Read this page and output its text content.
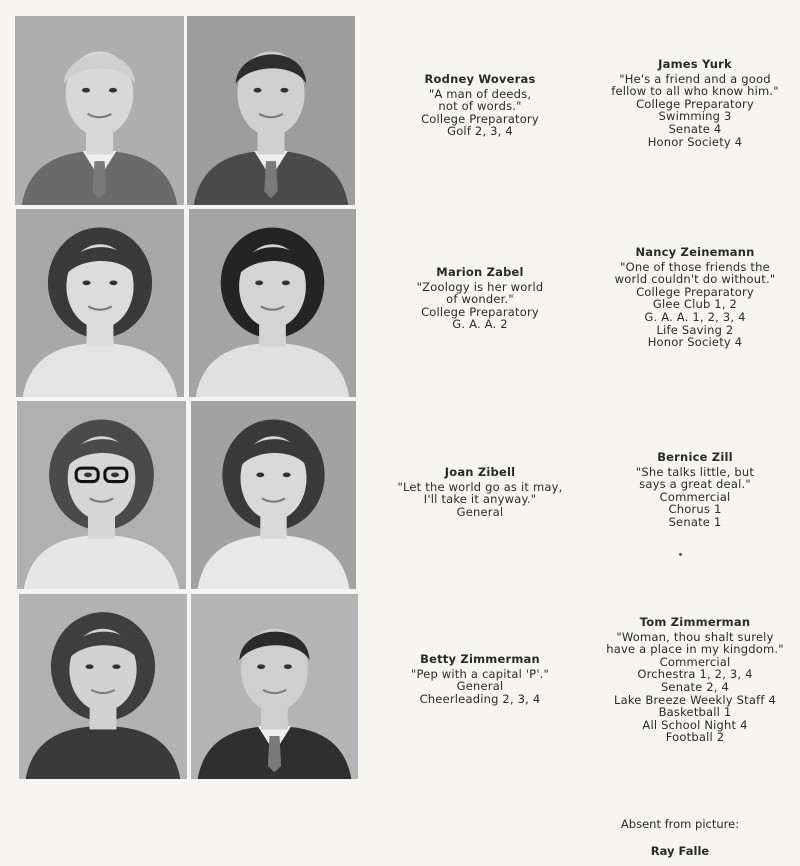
Rodney Woveras
"A man of deeds,
not of words."
College Preparatory
Golf 2, 3, 4
Marion Zabel
"Zoology is her world
of wonder."
College Preparatory
G. A. A. 2
Joan Zibell
"Let the world go as it may,
I'll take it anyway."
General
Betty Zimmerman
"Pep with a capital 'P'."
General
Cheerleading 2, 3, 4
James Yurk
"He's a friend and a good
fellow to all who know him."
College Preparatory
Swimming 3
Senate 4
Honor Society 4
Nancy Zeinemann
"One of those friends the
world couldn't do without."
College Preparatory
Glee Club 1, 2
G. A. A. 1, 2, 3, 4
Life Saving 2
Honor Society 4
Bernice Zill
"She talks little, but
says a great deal."
Commercial
Chorus 1
Senate 1
Tom Zimmerman
"Woman, thou shalt surely
have a place in my kingdom."
Commercial
Orchestra 1, 2, 3, 4
Senate 2, 4
Lake Breeze Weekly Staff 4
Basketball 1
All School Night 4
Football 2
Absent from picture:
Ray Falle
